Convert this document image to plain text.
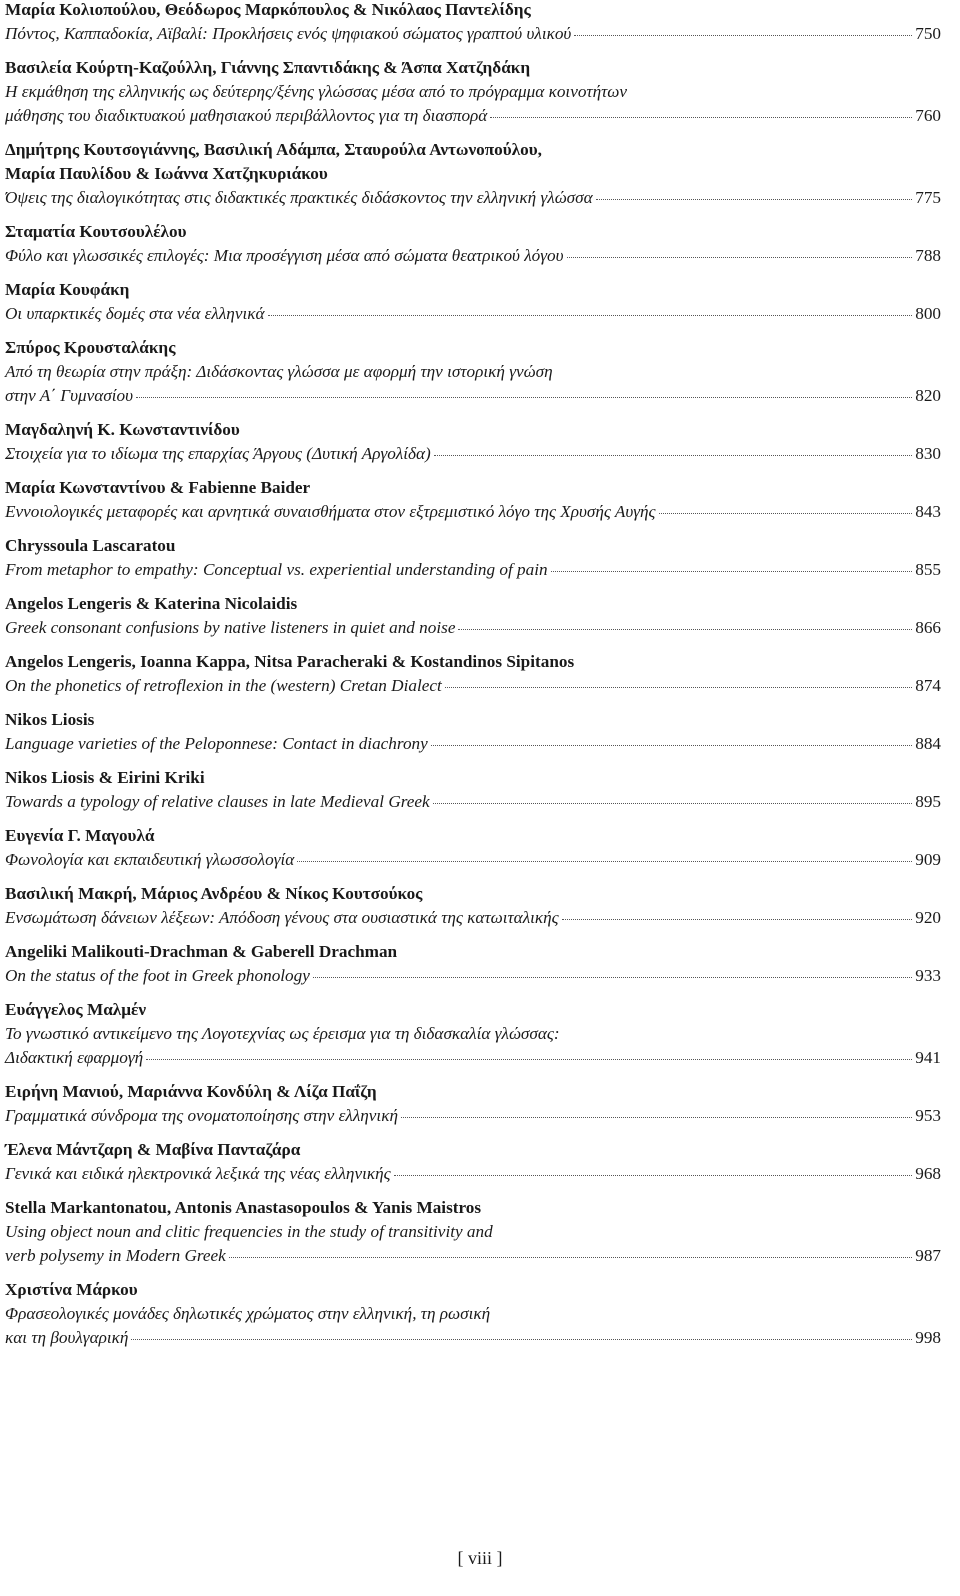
Μαρία Κολιοπούλου, Θεόδωρος Μαρκόπουλος & Νικόλαος Παντελίδης
Πόντος, Καππαδοκία, Αϊβαλί: Προκλήσεις ενός ψηφιακού σώματος γραπτού υλικού	750
Βασιλεία Κούρτη-Καζούλλη, Γιάννης Σπαντιδάκης & Άσπα Χατζηδάκη
Η εκμάθηση της ελληνικής ως δεύτερης/ξένης γλώσσας μέσα από το πρόγραμμα κοινοτήτων
μάθησης του διαδικτυακού μαθησιακού περιβάλλοντος για τη διασπορά	760
Δημήτρης Κουτσογιάννης, Βασιλική Αδάμπα, Σταυρούλα Αντωνοπούλου,
Μαρία Παυλίδου & Ιωάννα Χατζηκυριάκου
Όψεις της διαλογικότητας στις διδακτικές πρακτικές διδάσκοντος την ελληνική γλώσσα	775
Σταματία Κουτσουλέλου
Φύλο και γλωσσικές επιλογές: Μια προσέγγιση μέσα από σώματα θεατρικού λόγου	788
Μαρία Κουφάκη
Οι υπαρκτικές δομές στα νέα ελληνικά	800
Σπύρος Κρουσταλάκης
Από τη θεωρία στην πράξη: Διδάσκοντας γλώσσα με αφορμή την ιστορική γνώση
στην Α΄ Γυμνασίου	820
Μαγδαληνή Κ. Κωνσταντινίδου
Στοιχεία για το ιδίωμα της επαρχίας Άργους (Δυτική Αργολίδα)	830
Μαρία Κωνσταντίνου & Fabienne Baider
Εννοιολογικές μεταφορές και αρνητικά συναισθήματα στον εξτρεμιστικό λόγο της Χρυσής Αυγής	843
Chryssoula Lascaratou
From metaphor to empathy: Conceptual vs. experiential understanding of pain	855
Angelos Lengeris & Katerina Nicolaidis
Greek consonant confusions by native listeners in quiet and noise	866
Angelos Lengeris, Ioanna Kappa, Nitsa Paracheraki & Kostandinos Sipitanos
On the phonetics of retroflexion in the (western) Cretan Dialect	874
Nikos Liosis
Language varieties of the Peloponnese: Contact in diachrony	884
Nikos Liosis & Eirini Kriki
Towards a typology of relative clauses in late Medieval Greek	895
Ευγενία Γ. Μαγουλά
Φωνολογία και εκπαιδευτική γλωσσολογία	909
Βασιλική Μακρή, Μάριος Ανδρέου & Νίκος Κουτσούκος
Ενσωμάτωση δάνειων λέξεων: Απόδοση γένους στα ουσιαστικά της κατωιταλικής	920
Angeliki Malikouti-Drachman & Gaberell Drachman
On the status of the foot in Greek phonology	933
Ευάγγελος Μαλμέν
Το γνωστικό αντικείμενο της Λογοτεχνίας ως έρεισμα για τη διδασκαλία γλώσσας:
Διδακτική εφαρμογή	941
Ειρήνη Μανιού, Μαριάννα Κονδύλη & Λίζα Παΐζη
Γραμματικά σύνδρομα της ονοματοποίησης στην ελληνική	953
Έλενα Μάντζαρη & Μαβίνα Πανταζάρα
Γενικά και ειδικά ηλεκτρονικά λεξικά της νέας ελληνικής	968
Stella Markantonatou, Antonis Anastasopoulos & Yanis Maistros
Using object noun and clitic frequencies in the study of transitivity and
verb polysemy in Modern Greek	987
Χριστίνα Μάρκου
Φρασεολογικές μονάδες δηλωτικές χρώματος στην ελληνική, τη ρωσική
και τη βουλγαρική	998
[ viii ]
